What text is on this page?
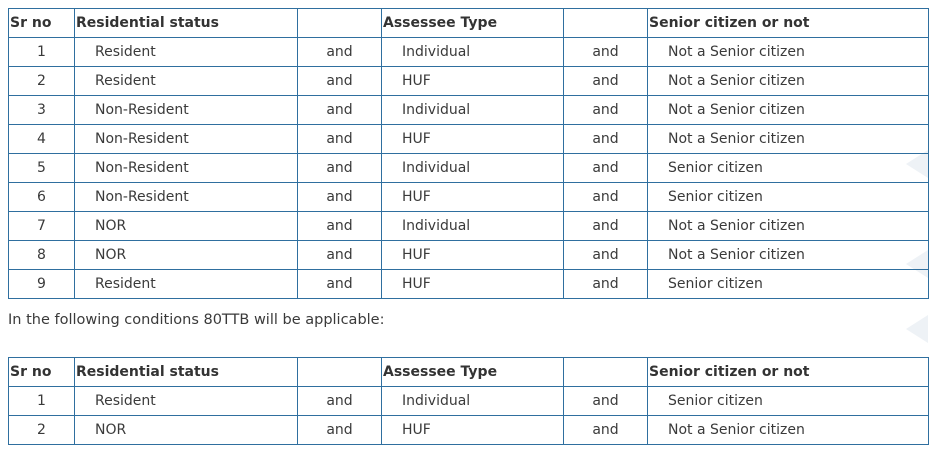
Sr no	Residential status		Assessee Type		Senior citizen or not
1	Resident	and	Individual	and	Not a Senior citizen
2	Resident	and	HUF	and	Not a Senior citizen
3	Non-Resident	and	Individual	and	Not a Senior citizen
4	Non-Resident	and	HUF	and	Not a Senior citizen
5	Non-Resident	and	Individual	and	Senior citizen
6	Non-Resident	and	HUF	and	Senior citizen
7	NOR	and	Individual	and	Not a Senior citizen
8	NOR	and	HUF	and	Not a Senior citizen
9	Resident	and	HUF	and	Senior citizen

In the following conditions 80TTB will be applicable:

Sr no	Residential status		Assessee Type		Senior citizen or not
1	Resident	and	Individual	and	Senior citizen
2	NOR	and	HUF	and	Not a Senior citizen
